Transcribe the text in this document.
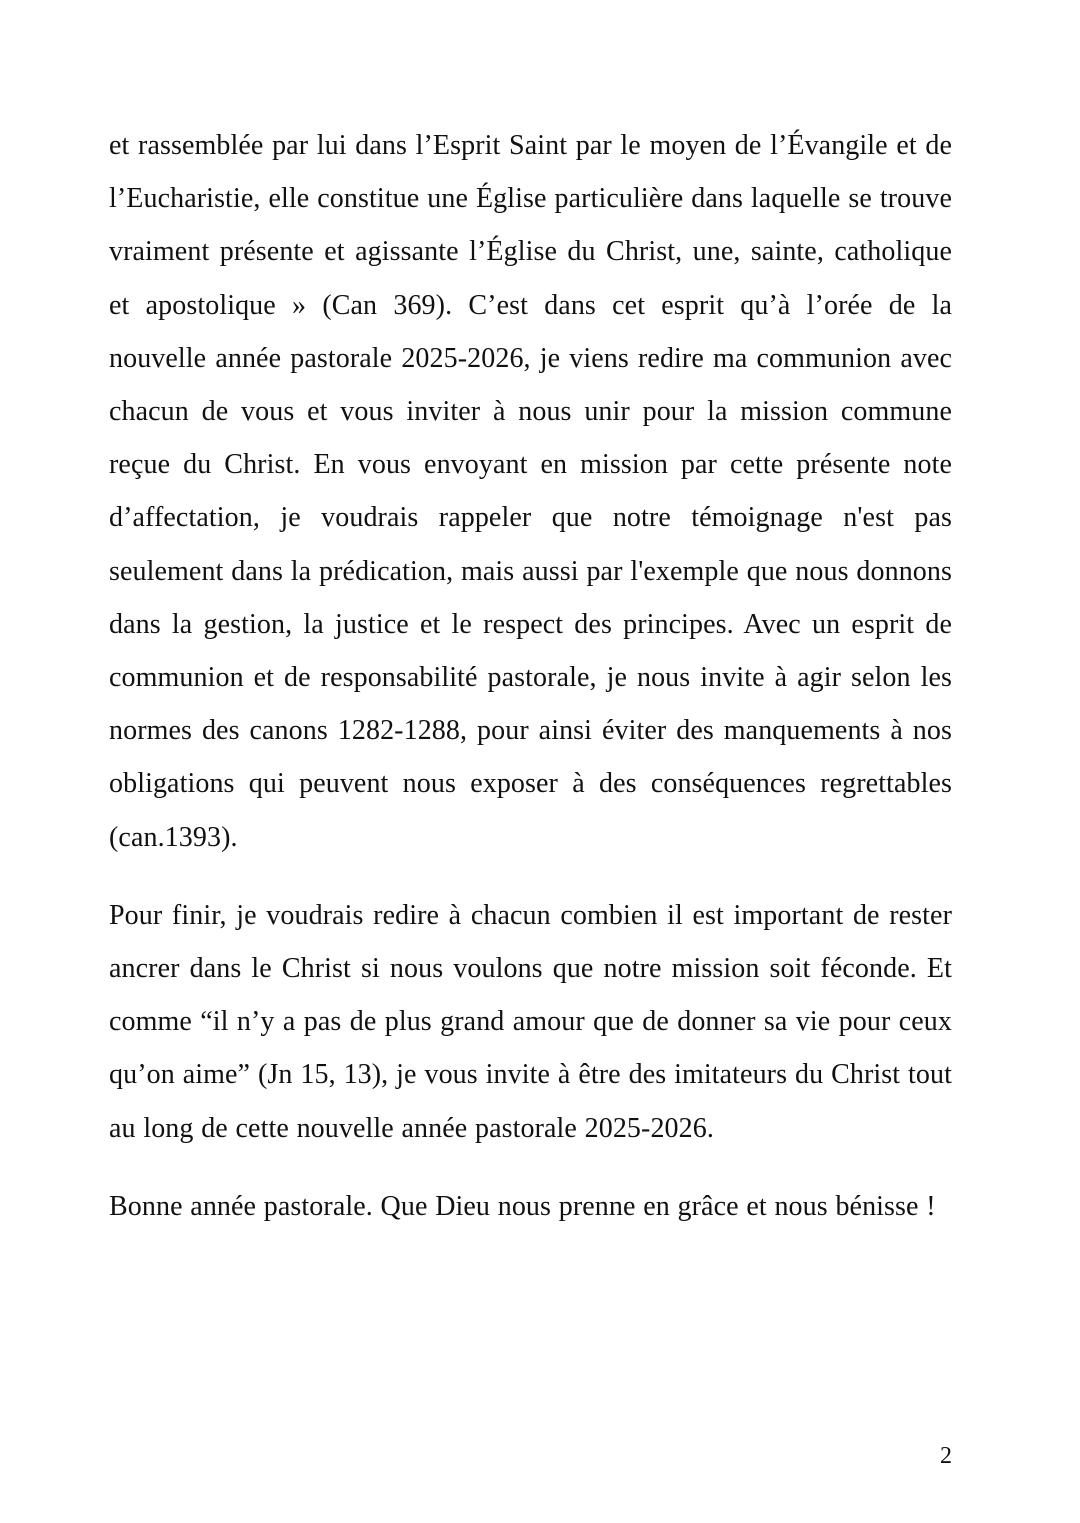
et rassemblée par lui dans l’Esprit Saint par le moyen de l’Évangile et de l’Eucharistie, elle constitue une Église particulière dans laquelle se trouve vraiment présente et agissante l’Église du Christ, une, sainte, catholique et apostolique » (Can 369). C’est dans cet esprit qu’à l’orée de la nouvelle année pastorale 2025-2026, je viens redire ma communion avec chacun de vous et vous inviter à nous unir pour la mission commune reçue du Christ. En vous envoyant en mission par cette présente note d’affectation, je voudrais rappeler que notre témoignage n'est pas seulement dans la prédication, mais aussi par l'exemple que nous donnons dans la gestion, la justice et le respect des principes. Avec un esprit de communion et de responsabilité pastorale, je nous invite à agir selon les normes des canons 1282-1288, pour ainsi éviter des manquements à nos obligations qui peuvent nous exposer à des conséquences regrettables (can.1393).

Pour finir, je voudrais redire à chacun combien il est important de rester ancrer dans le Christ si nous voulons que notre mission soit féconde. Et comme “il n’y a pas de plus grand amour que de donner sa vie pour ceux qu’on aime” (Jn 15, 13), je vous invite à être des imitateurs du Christ tout au long de cette nouvelle année pastorale 2025-2026.

Bonne année pastorale. Que Dieu nous prenne en grâce et nous bénisse !

2
